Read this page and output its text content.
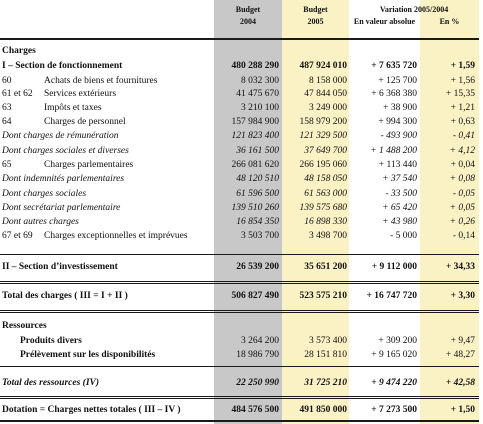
Budget
2004
Budget
2005
Variation 2005/2004
En valeur absolue	En %
Charges
I – Section de fonctionnement	480 288 290	487 924 010	+ 7 635 720	+ 1,59
60	Achats de biens et fournitures	8 032 300	8 158 000	+ 125 700	+ 1,56
61 et 62	Services extérieurs	41 475 670	47 844 050	+ 6 368 380	+ 15,35
63	Impôts et taxes	3 210 100	3 249 000	+ 38 900	+ 1,21
64	Charges de personnel	157 984 900	158 979 200	+ 994 300	+ 0,63
Dont charges de rémunération	121 823 400	121 329 500	- 493 900	- 0,41
Dont charges sociales et diverses	36 161 500	37 649 700	+ 1 488 200	+ 4,12
65	Charges parlementaires	266 081 620	266 195 060	+ 113 440	+ 0,04
Dont indemnités parlementaires	48 120 510	48 158 050	+ 37 540	+ 0,08
Dont charges sociales	61 596 500	61 563 000	- 33 500	- 0,05
Dont secrétariat parlementaire	139 510 260	139 575 680	+ 65 420	+ 0,05
Dont autres charges	16 854 350	16 898 330	+ 43 980	+ 0,26
67 et 69	Charges exceptionnelles et imprévues	3 503 700	3 498 700	- 5 000	- 0,14
II – Section d’investissement	26 539 200	35 651 200	+ 9 112 000	+ 34,33
Total des charges ( III = I + II )	506 827 490	523 575 210	+ 16 747 720	+ 3,30
Ressources
Produits divers	3 264 200	3 573 400	+ 309 200	+ 9,47
Prélèvement sur les disponibilités	18 986 790	28 151 810	+ 9 165 020	+ 48,27
Total des ressources (IV)	22 250 990	31 725 210	+ 9 474 220	+ 42,58
Dotation = Charges nettes totales ( III – IV )	484 576 500	491 850 000	+ 7 273 500	+ 1,50
